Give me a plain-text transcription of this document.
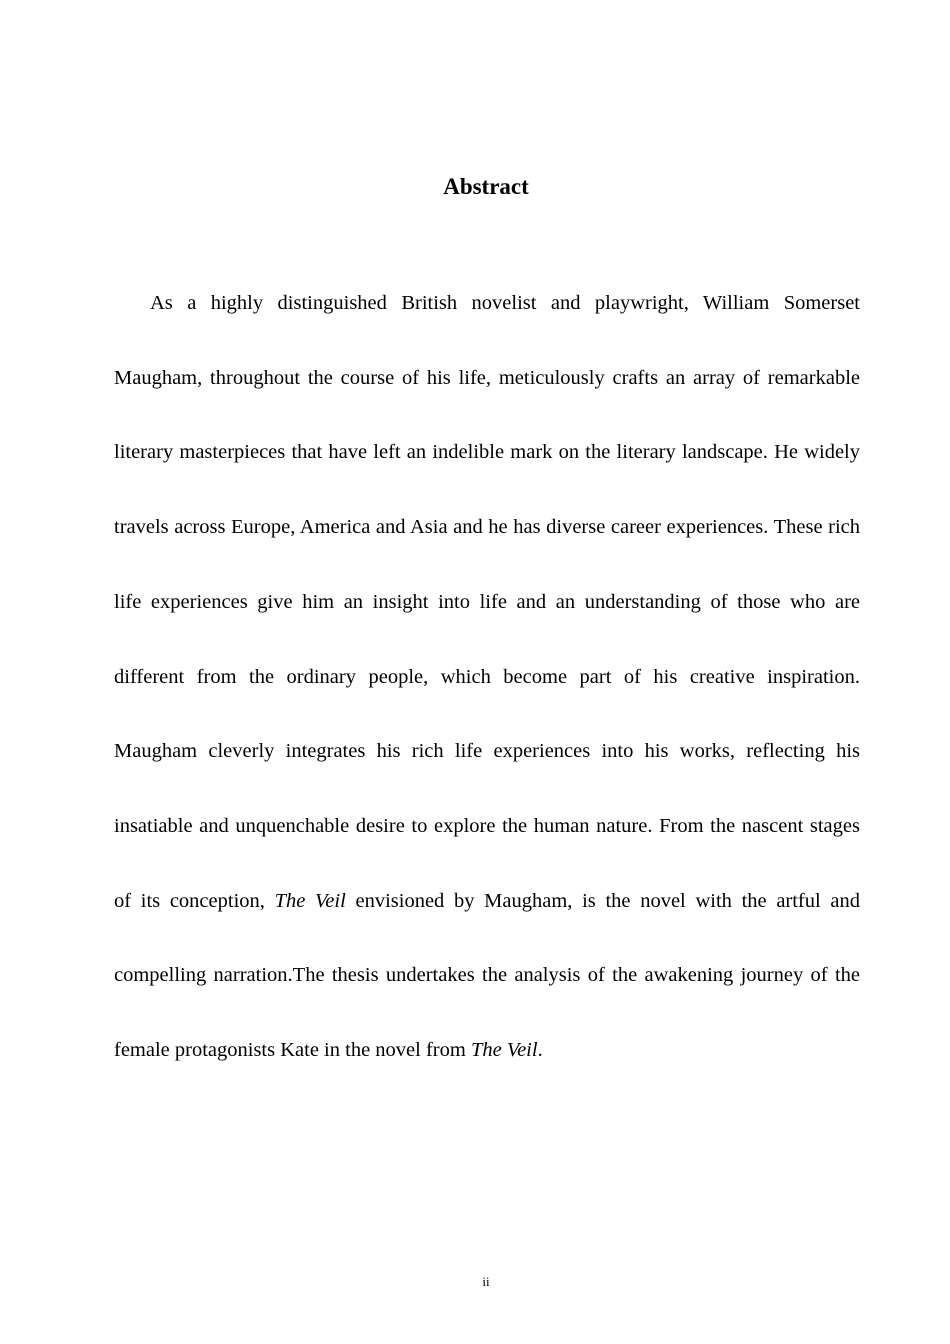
Abstract

As a highly distinguished British novelist and playwright, William Somerset Maugham, throughout the course of his life, meticulously crafts an array of remarkable literary masterpieces that have left an indelible mark on the literary landscape. He widely travels across Europe, America and Asia and he has diverse career experiences. These rich life experiences give him an insight into life and an understanding of those who are different from the ordinary people, which become part of his creative inspiration. Maugham cleverly integrates his rich life experiences into his works, reflecting his insatiable and unquenchable desire to explore the human nature. From the nascent stages of its conception, The Veil envisioned by Maugham, is the novel with the artful and compelling narration.The thesis undertakes the analysis of the awakening journey of the female protagonists Kate in the novel from The Veil.

ii
